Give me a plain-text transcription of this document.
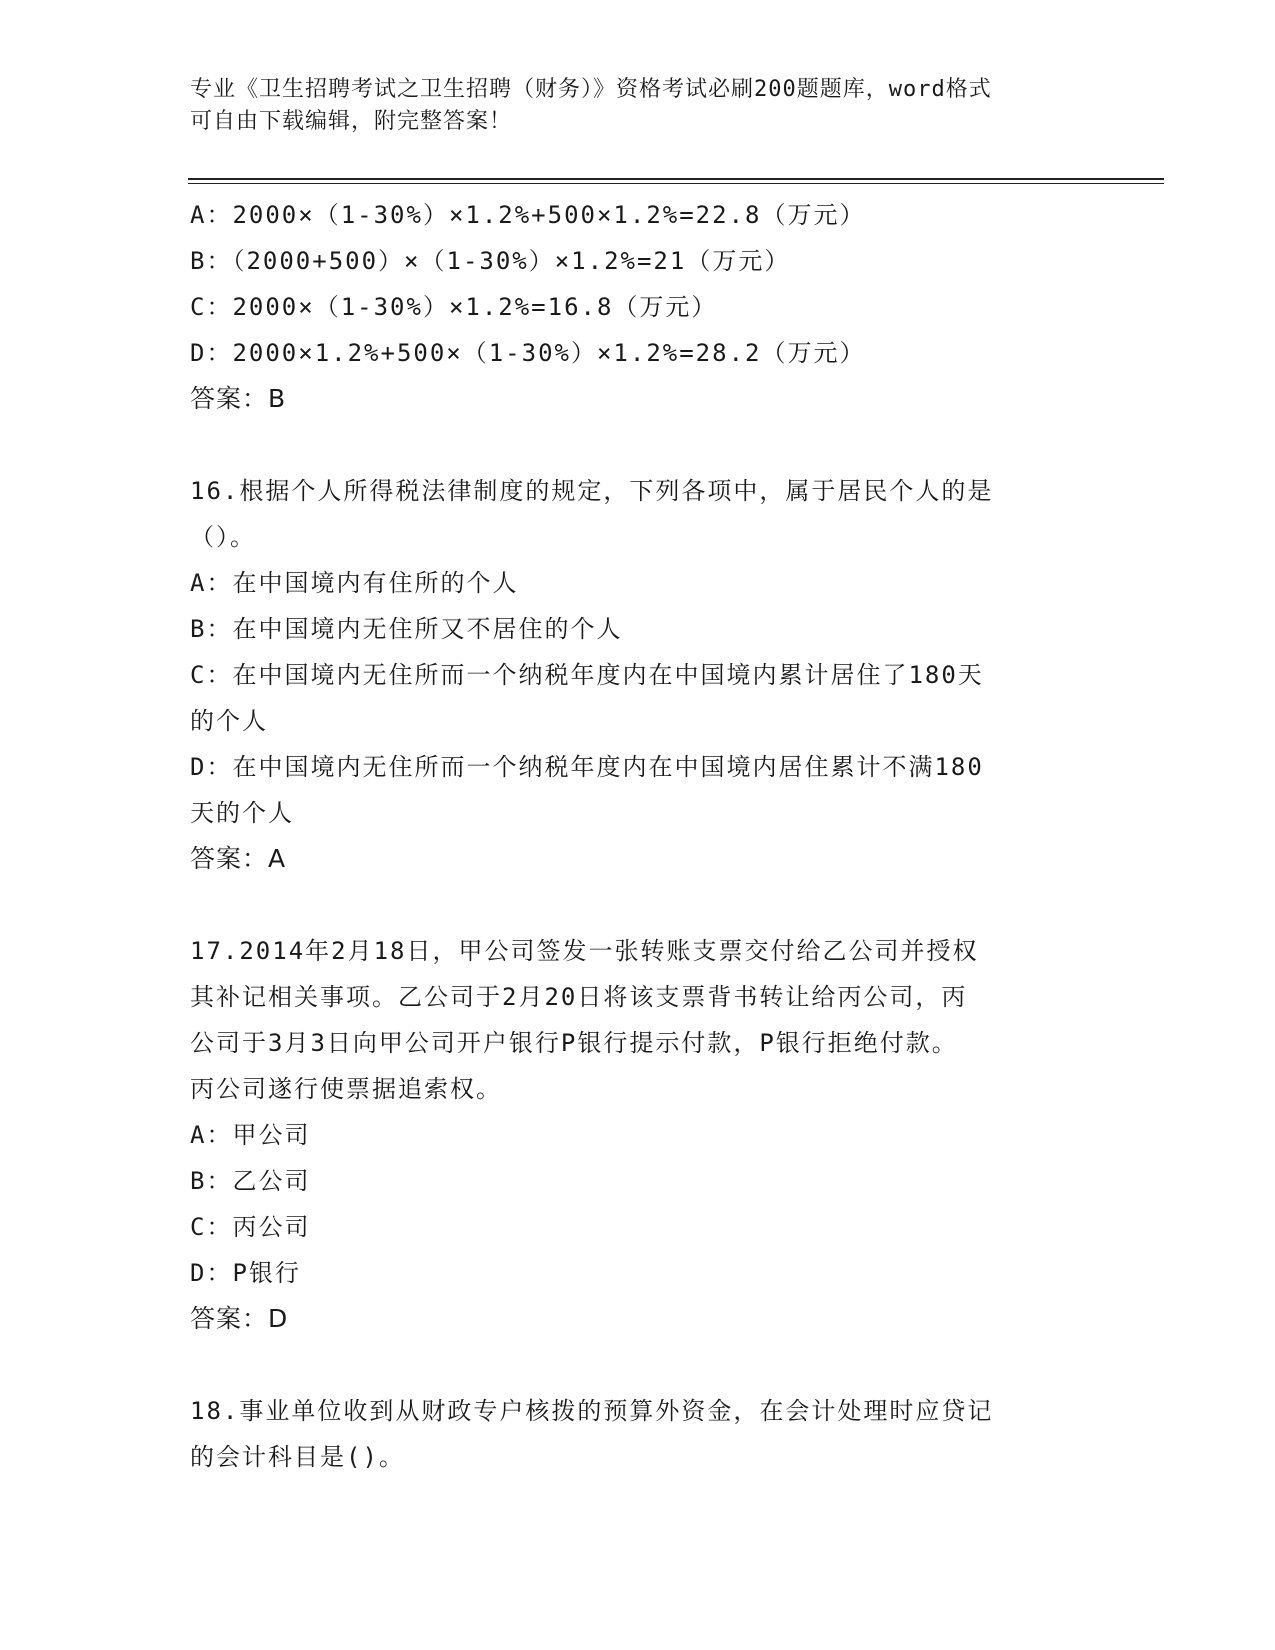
专业《卫生招聘考试之卫生招聘（财务）》资格考试必刷200题题库，word格式
可自由下载编辑，附完整答案！
A：2000×（1-30%）×1.2%+500×1.2%=22.8（万元）
B：（2000+500）×（1-30%）×1.2%=21（万元）
C：2000×（1-30%）×1.2%=16.8（万元）
D：2000×1.2%+500×（1-30%）×1.2%=28.2（万元）
答案：B
16.根据个人所得税法律制度的规定，下列各项中，属于居民个人的是
（）。
A：在中国境内有住所的个人
B：在中国境内无住所又不居住的个人
C：在中国境内无住所而一个纳税年度内在中国境内累计居住了180天
的个人
D：在中国境内无住所而一个纳税年度内在中国境内居住累计不满180
天的个人
答案：A
17.2014年2月18日，甲公司签发一张转账支票交付给乙公司并授权
其补记相关事项。乙公司于2月20日将该支票背书转让给丙公司，丙
公司于3月3日向甲公司开户银行P银行提示付款，P银行拒绝付款。
丙公司遂行使票据追索权。
A：甲公司
B：乙公司
C：丙公司
D：P银行
答案：D
18.事业单位收到从财政专户核拨的预算外资金，在会计处理时应贷记
的会计科目是()。
